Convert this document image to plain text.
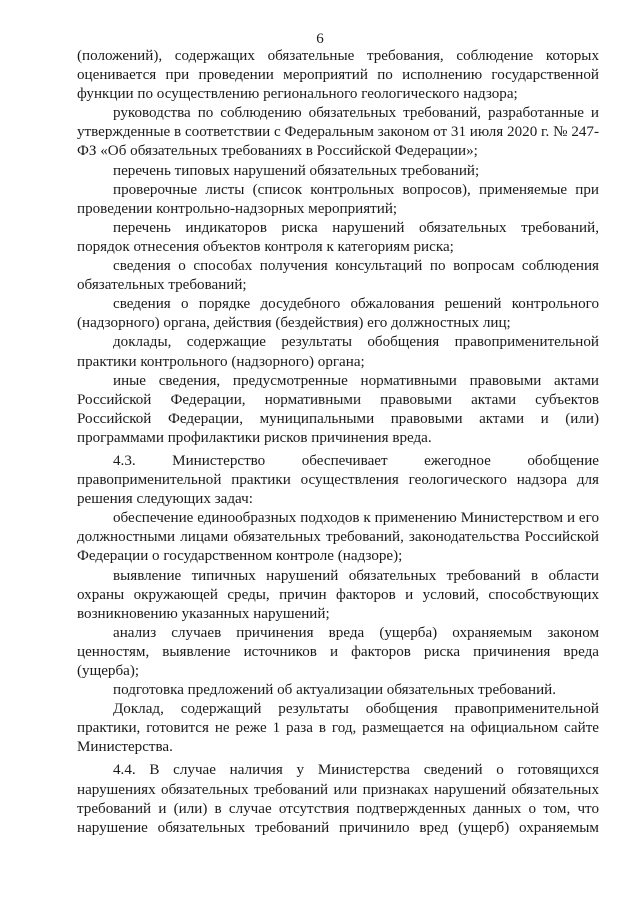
6

(положений), содержащих обязательные требования, соблюдение которых оценивается при проведении мероприятий по исполнению государственной функции по осуществлению регионального геологического надзора;

руководства по соблюдению обязательных требований, разработанные и утвержденные в соответствии с Федеральным законом от 31 июля 2020 г. № 247-ФЗ «Об обязательных требованиях в Российской Федерации»;

перечень типовых нарушений обязательных требований;

проверочные листы (список контрольных вопросов), применяемые при проведении контрольно-надзорных мероприятий;

перечень индикаторов риска нарушений обязательных требований, порядок отнесения объектов контроля к категориям риска;

сведения о способах получения консультаций по вопросам соблюдения обязательных требований;

сведения о порядке досудебного обжалования решений контрольного (надзорного) органа, действия (бездействия) его должностных лиц;

доклады, содержащие результаты обобщения правоприменительной практики контрольного (надзорного) органа;

иные сведения, предусмотренные нормативными правовыми актами Российской Федерации, нормативными правовыми актами субъектов Российской Федерации, муниципальными правовыми актами и (или) программами профилактики рисков причинения вреда.

4.3. Министерство обеспечивает ежегодное обобщение правоприменительной практики осуществления геологического надзора для решения следующих задач:

обеспечение единообразных подходов к применению Министерством и его должностными лицами обязательных требований, законодательства Российской Федерации о государственном контроле (надзоре);

выявление типичных нарушений обязательных требований в области охраны окружающей среды, причин факторов и условий, способствующих возникновению указанных нарушений;

анализ случаев причинения вреда (ущерба) охраняемым законом ценностям, выявление источников и факторов риска причинения вреда (ущерба);

подготовка предложений об актуализации обязательных требований.

Доклад, содержащий результаты обобщения правоприменительной практики, готовится не реже 1 раза в год, размещается на официальном сайте Министерства.

4.4. В случае наличия у Министерства сведений о готовящихся нарушениях обязательных требований или признаках нарушений обязательных требований и (или) в случае отсутствия подтвержденных данных о том, что нарушение обязательных требований причинило вред (ущерб) охраняемым
